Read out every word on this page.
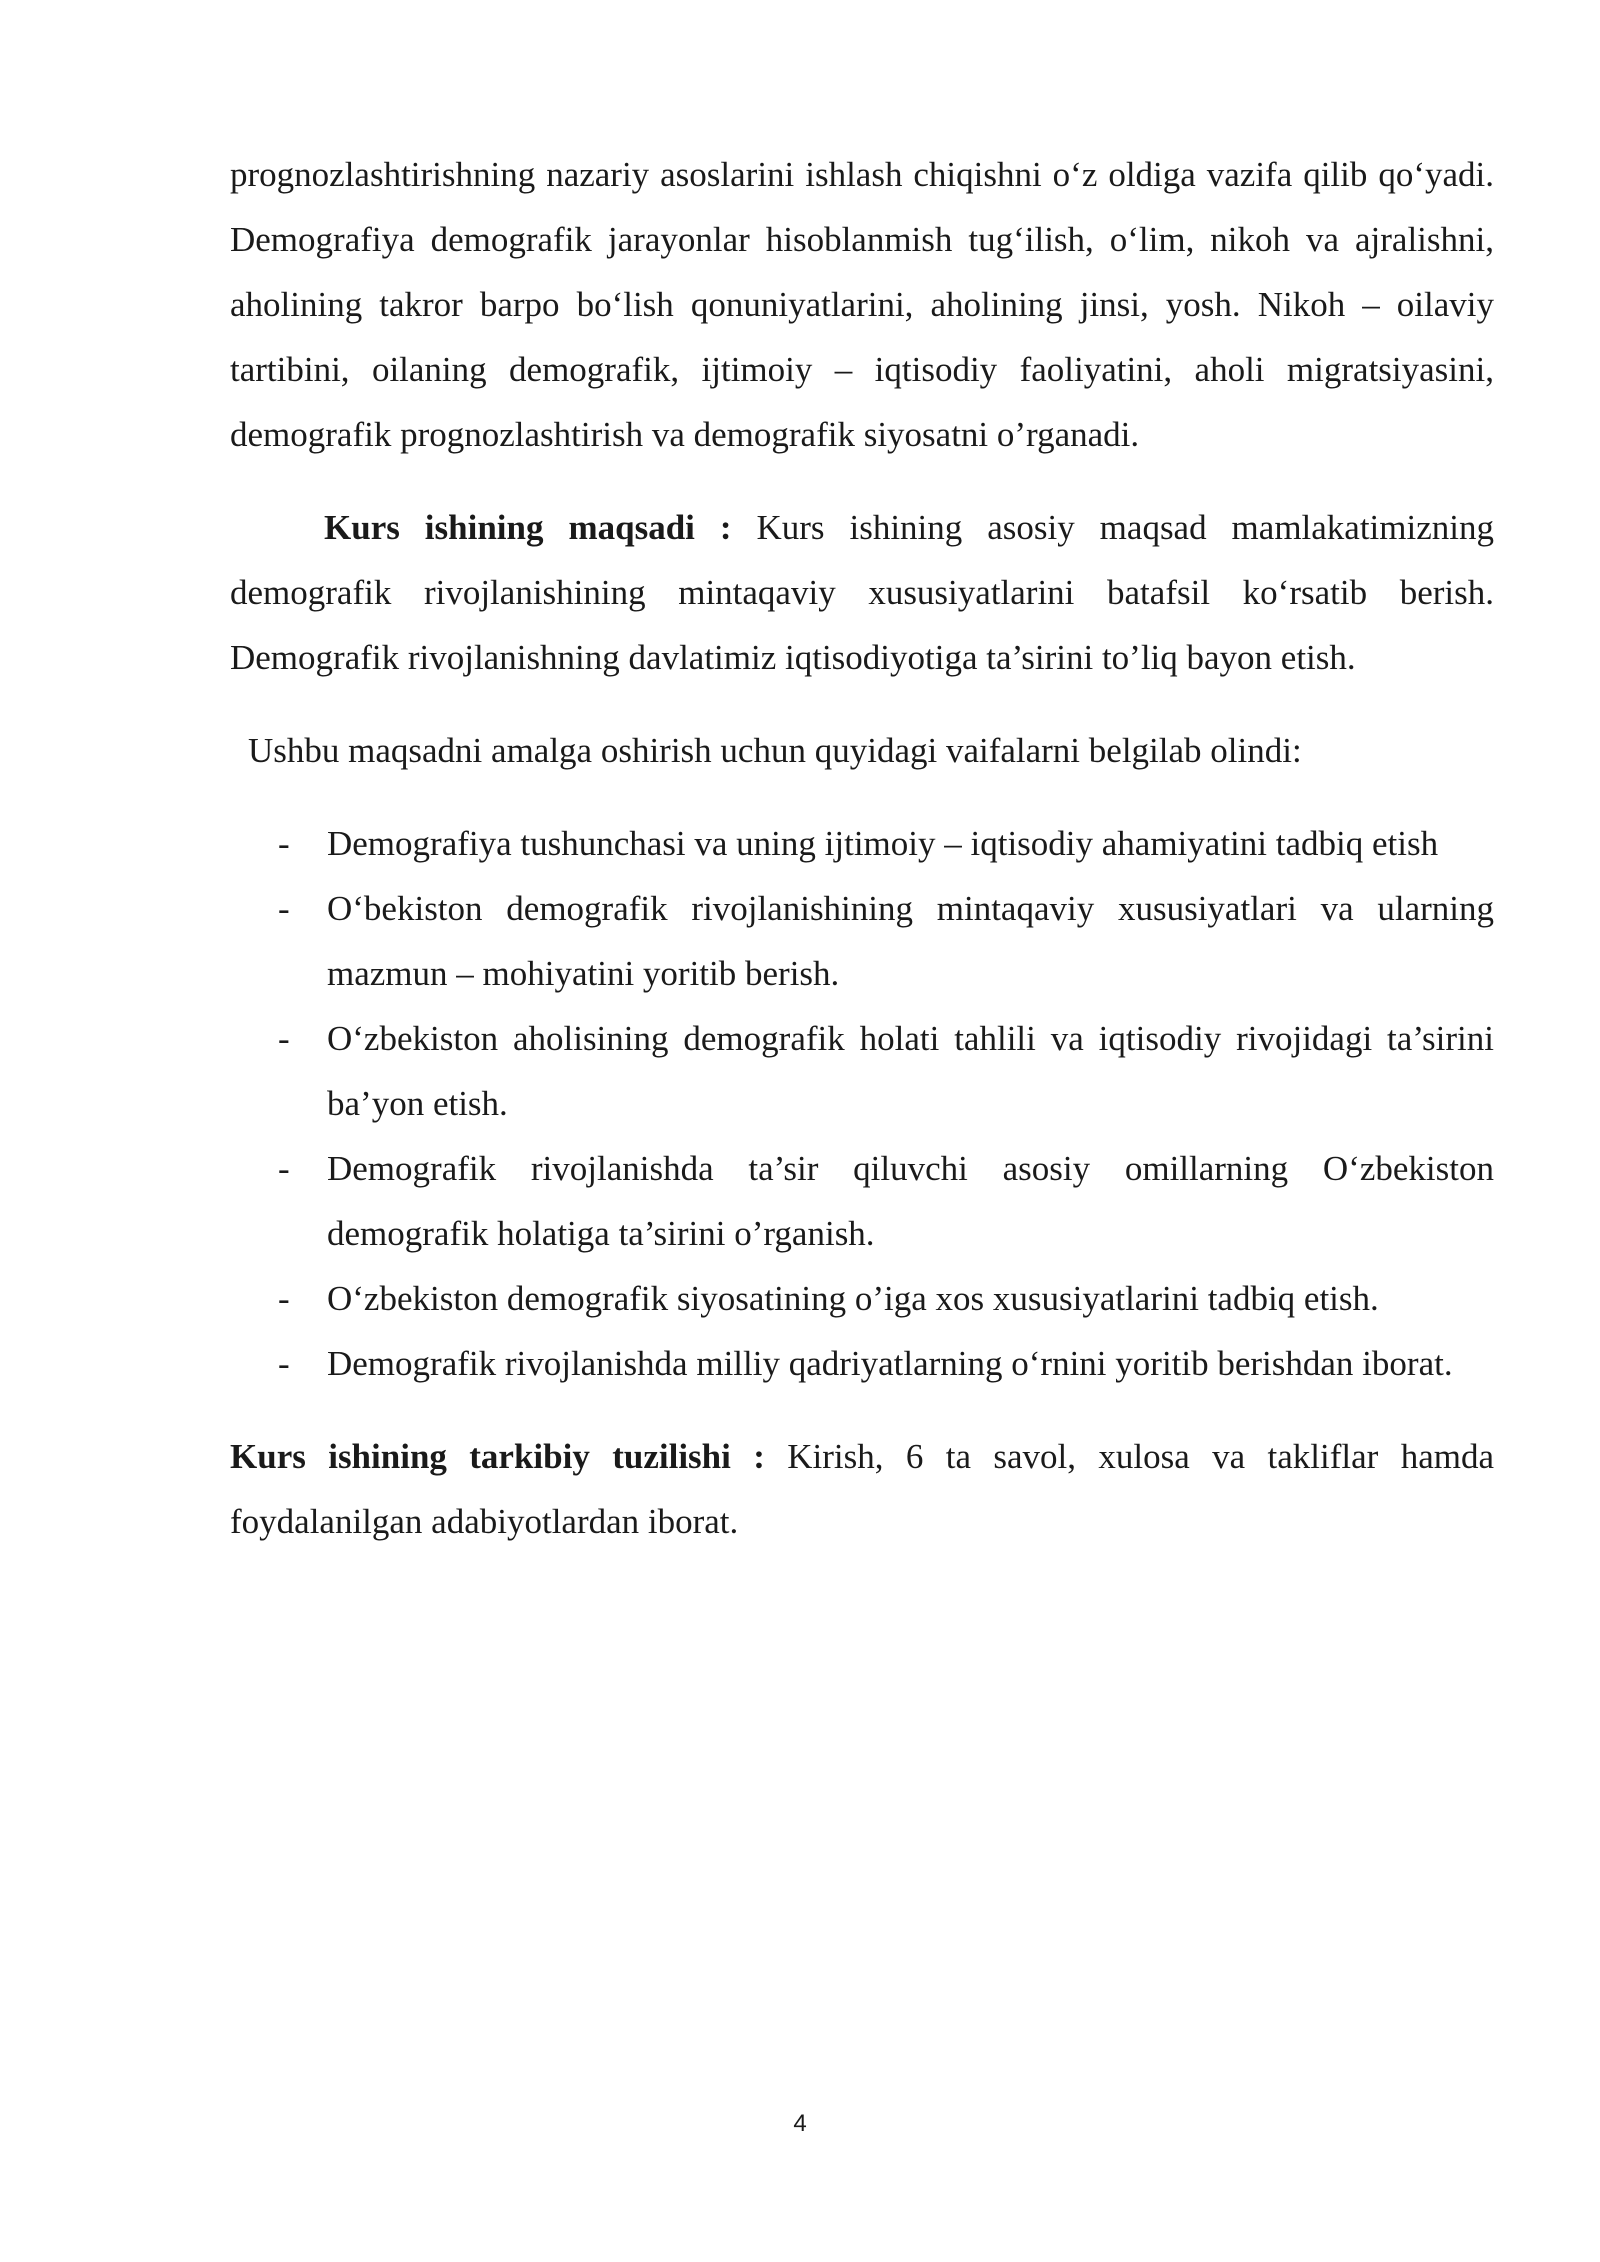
prognozlashtirishning nazariy asoslarini ishlash chiqishni o‘z oldiga vazifa qilib qo‘yadi. Demografiya demografik jarayonlar hisoblanmish tug‘ilish, o‘lim, nikoh va ajralishni, aholining takror barpo bo‘lish qonuniyatlarini, aholining jinsi, yosh. Nikoh – oilaviy tartibini, oilaning demografik, ijtimoiy – iqtisodiy faoliyatini, aholi migratsiyasini, demografik prognozlashtirish va demografik siyosatni o’rganadi.

Kurs ishining maqsadi : Kurs ishining asosiy maqsad mamlakatimizning demografik rivojlanishining mintaqaviy xususiyatlarini batafsil ko‘rsatib berish. Demografik rivojlanishning davlatimiz iqtisodiyotiga ta’sirini to’liq bayon etish.

Ushbu maqsadni amalga oshirish uchun quyidagi vaifalarni belgilab olindi:

- Demografiya tushunchasi va uning ijtimoiy – iqtisodiy ahamiyatini tadbiq etish
- O‘bekiston demografik rivojlanishining mintaqaviy xususiyatlari va ularning mazmun – mohiyatini yoritib berish.
- O‘zbekiston aholisining demografik holati tahlili va iqtisodiy rivojidagi ta’sirini ba’yon etish.
- Demografik rivojlanishda ta’sir qiluvchi asosiy omillarning O‘zbekiston demografik holatiga ta’sirini o’rganish.
- O‘zbekiston demografik siyosatining o’iga xos xususiyatlarini tadbiq etish.
- Demografik rivojlanishda milliy qadriyatlarning o‘rnini yoritib berishdan iborat.

Kurs ishining tarkibiy tuzilishi : Kirish, 6 ta savol, xulosa va takliflar hamda foydalanilgan adabiyotlardan iborat.

4
